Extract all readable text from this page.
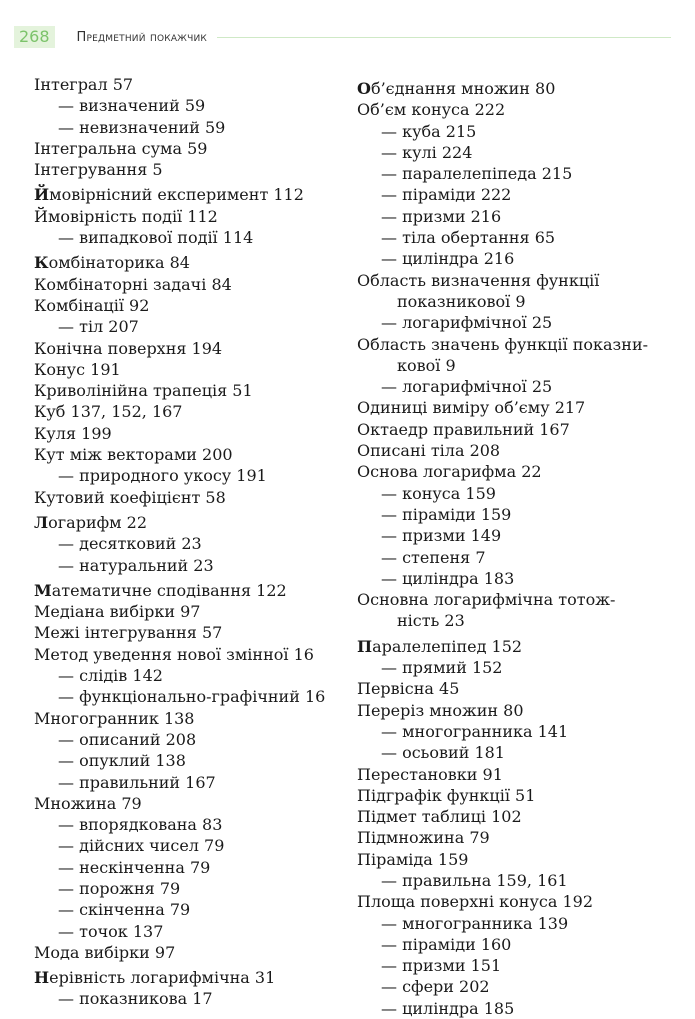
268	Предметний покажчик
Інтеграл 57
— визначений 59
— невизначений 59
Інтегральна сума 59
Інтегрування 5
Ймовірнісний експеримент 112
Ймовірність події 112
— випадкової події 114
Комбінаторика 84
Комбінаторні задачі 84
Комбінації 92
— тіл 207
Конічна поверхня 194
Конус 191
Криволінійна трапеція 51
Куб 137, 152, 167
Куля 199
Кут між векторами 200
— природного укосу 191
Кутовий коефіцієнт 58
Логарифм 22
— десятковий 23
— натуральний 23
Математичне сподівання 122
Медіана вибірки 97
Межі інтегрування 57
Метод уведення нової змінної 16
— слідів 142
— функціонально-графічний 16
Многогранник 138
— описаний 208
— опуклий 138
— правильний 167
Множина 79
— впорядкована 83
— дійсних чисел 79
— нескінченна 79
— порожня 79
— скінченна 79
— точок 137
Мода вибірки 97
Нерівність логарифмічна 31
— показникова 17
Об’єднання множин 80
Об’єм конуса 222
— куба 215
— кулі 224
— паралелепіпеда 215
— піраміди 222
— призми 216
— тіла обертання 65
— циліндра 216
Область визначення функції
показникової 9
— логарифмічної 25
Область значень функції показни-
кової 9
— логарифмічної 25
Одиниці виміру об’єму 217
Октаедр правильний 167
Описані тіла 208
Основа логарифма 22
— конуса 159
— піраміди 159
— призми 149
— степеня 7
— циліндра 183
Основна логарифмічна тотож-
ність 23
Паралелепіпед 152
— прямий 152
Первісна 45
Переріз множин 80
— многогранника 141
— осьовий 181
Перестановки 91
Підграфік функції 51
Підмет таблиці 102
Підмножина 79
Піраміда 159
— правильна 159, 161
Площа поверхні конуса 192
— многогранника 139
— піраміди 160
— призми 151
— сфери 202
— циліндра 185
